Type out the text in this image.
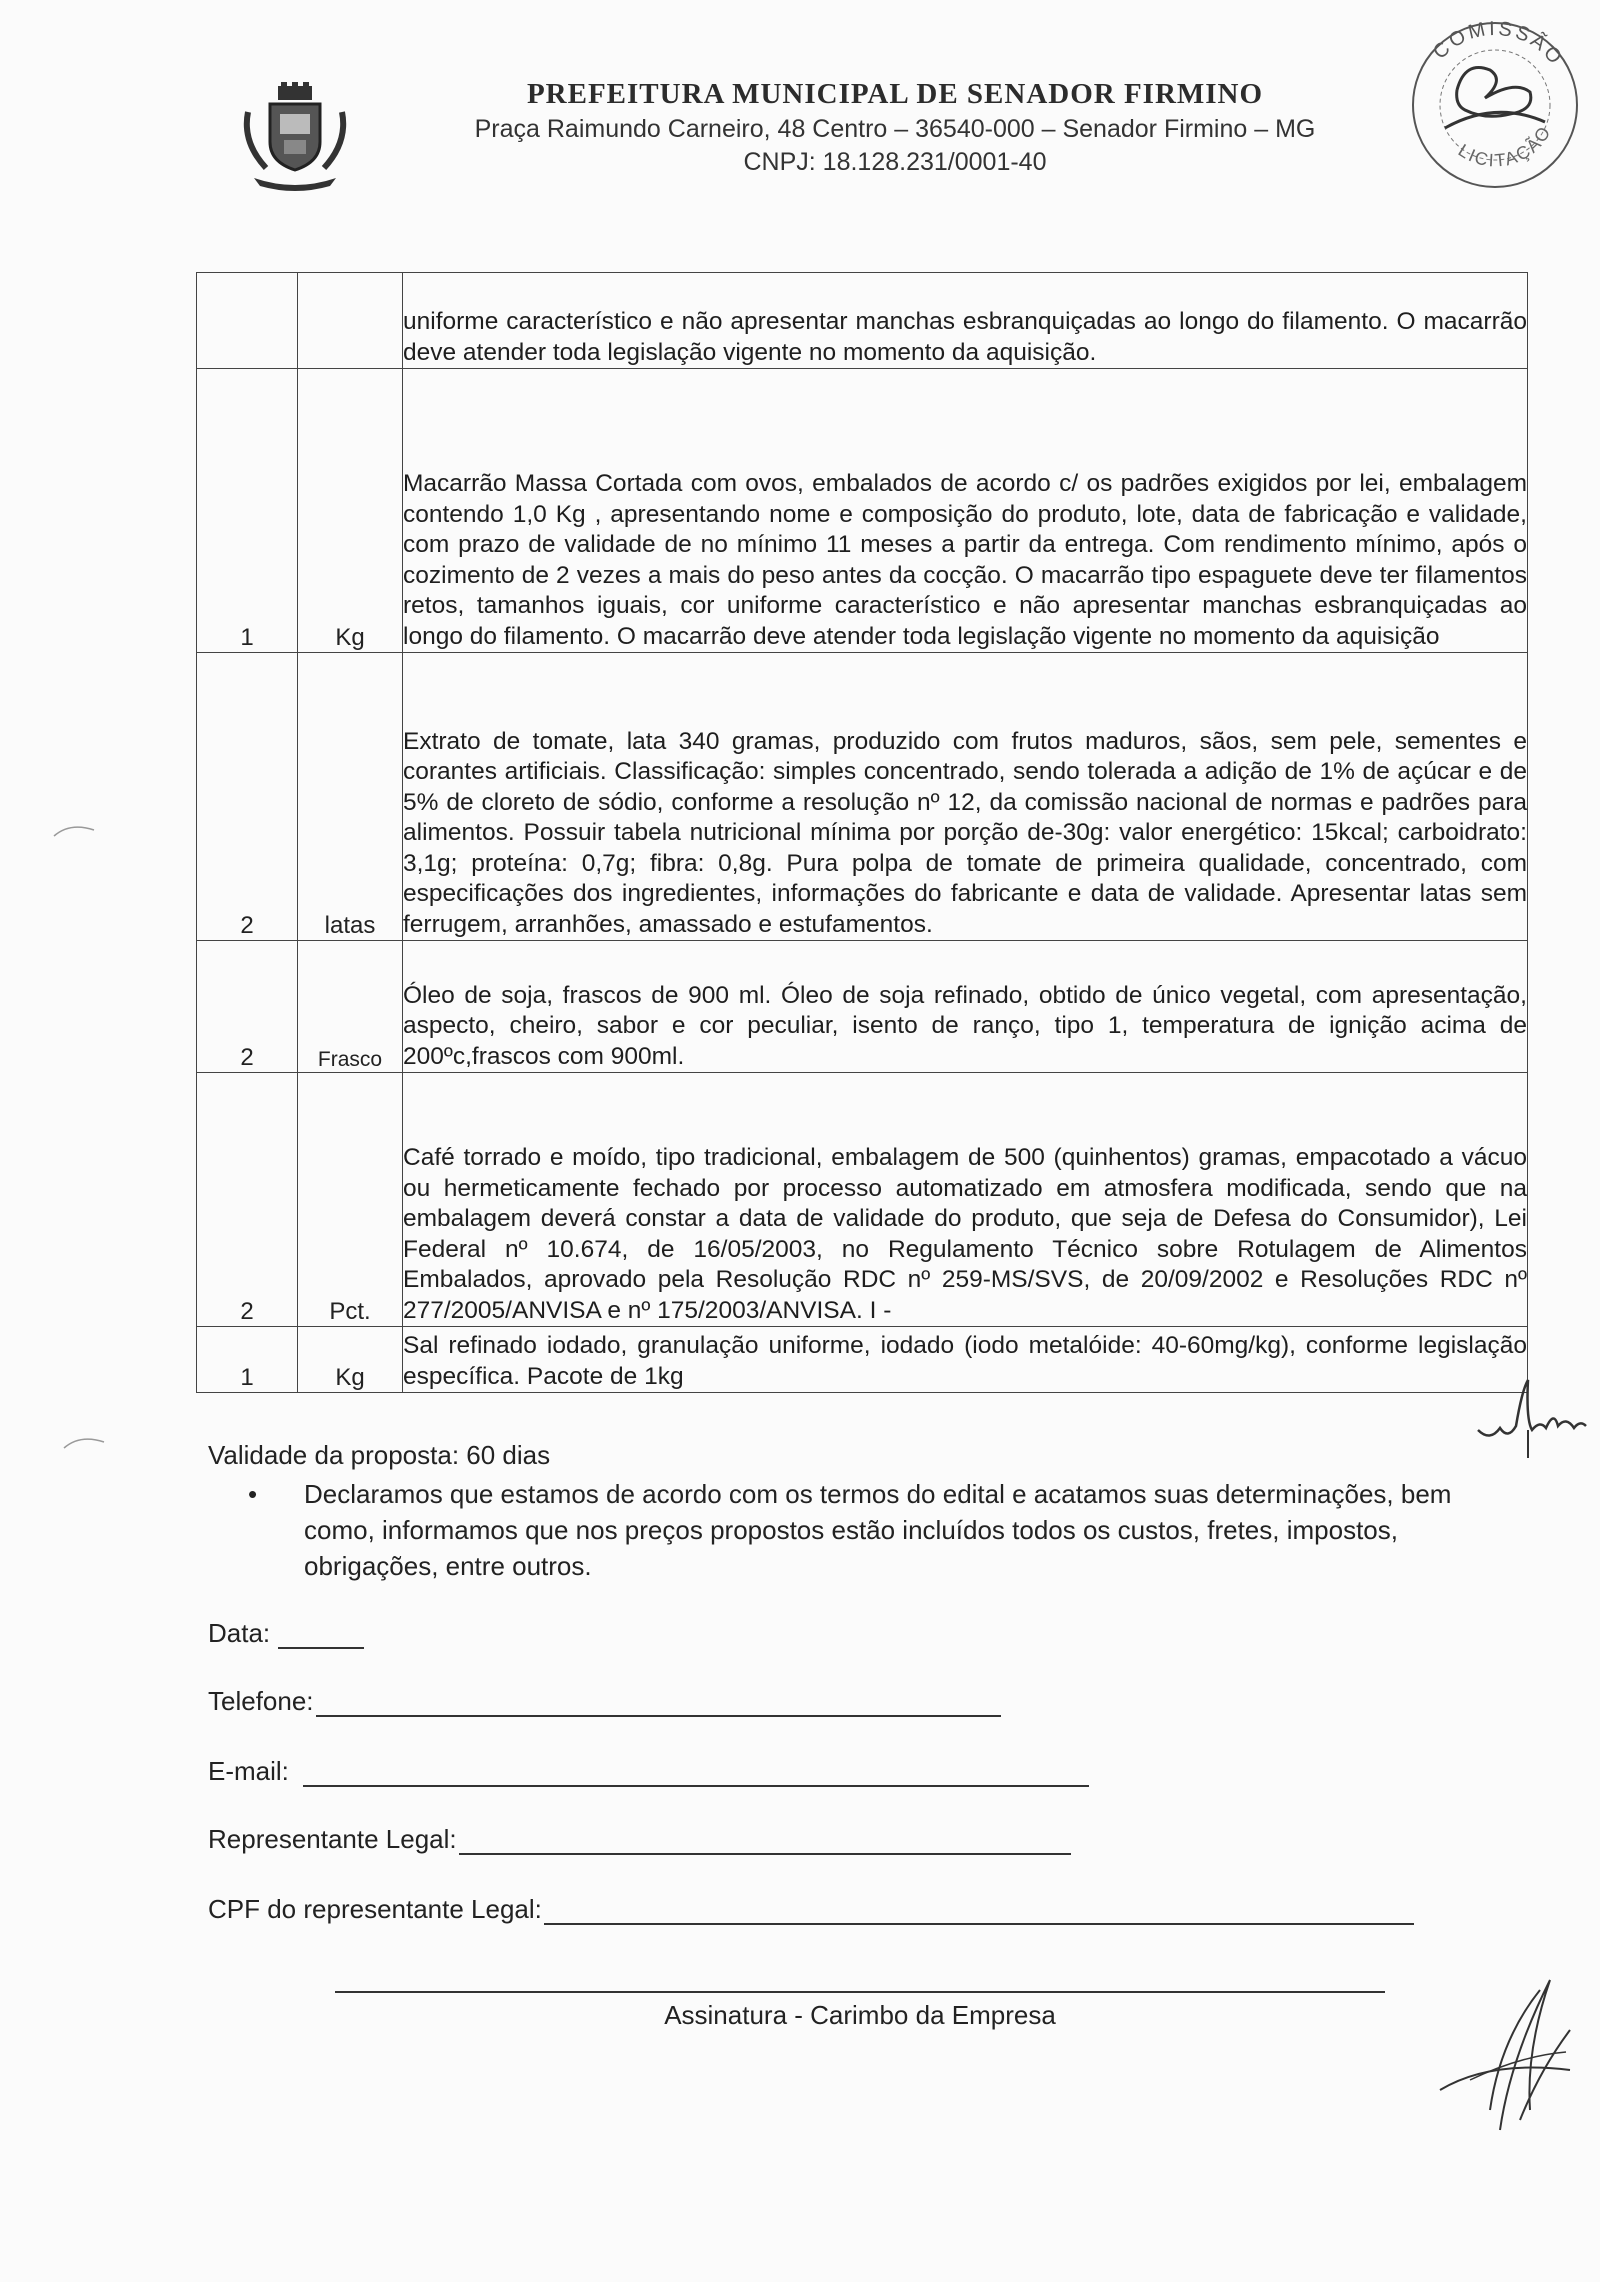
PREFEITURA MUNICIPAL DE SENADOR FIRMINO
Praça Raimundo Carneiro, 48 Centro – 36540-000 – Senador Firmino – MG
CNPJ: 18.128.231/0001-40
COMISSÃO
LICITAÇÃO
		uniforme característico e não apresentar manchas esbranquiçadas ao longo do filamento. O macarrão deve atender toda legislação vigente no momento da aquisição.
1	Kg	Macarrão Massa Cortada com ovos, embalados de acordo c/ os padrões exigidos por lei, embalagem contendo 1,0 Kg , apresentando nome e composição do produto, lote, data de fabricação e validade, com prazo de validade de no mínimo 11 meses a partir da entrega. Com rendimento mínimo, após o cozimento de 2 vezes a mais do peso antes da cocção. O macarrão tipo espaguete deve ter filamentos retos, tamanhos iguais, cor uniforme característico e não apresentar manchas esbranquiçadas ao longo do filamento. O macarrão deve atender toda legislação vigente no momento da aquisição
2	latas	Extrato de tomate, lata 340 gramas, produzido com frutos maduros, sãos, sem pele, sementes e corantes artificiais. Classificação: simples concentrado, sendo tolerada a adição de 1% de açúcar e de 5% de cloreto de sódio, conforme a resolução nº 12, da comissão nacional de normas e padrões para alimentos. Possuir tabela nutricional mínima por porção de-30g: valor energético: 15kcal; carboidrato: 3,1g; proteína: 0,7g; fibra: 0,8g. Pura polpa de tomate de primeira qualidade, concentrado, com especificações dos ingredientes, informações do fabricante e data de validade. Apresentar latas sem ferrugem, arranhões, amassado e estufamentos.
2	Frasco	Óleo de soja, frascos de 900 ml. Óleo de soja refinado, obtido de único vegetal, com apresentação, aspecto, cheiro, sabor e cor peculiar, isento de ranço, tipo 1, temperatura de ignição acima de 200ºc,frascos com 900ml.
2	Pct.	Café torrado e moído, tipo tradicional, embalagem de 500 (quinhentos) gramas, empacotado a vácuo ou hermeticamente fechado por processo automatizado em atmosfera modificada, sendo que na embalagem deverá constar a data de validade do produto, que seja de Defesa do Consumidor), Lei Federal nº 10.674, de 16/05/2003, no Regulamento Técnico sobre Rotulagem de Alimentos Embalados, aprovado pela Resolução RDC nº 259-MS/SVS, de 20/09/2002 e Resoluções RDC nº 277/2005/ANVISA e nº 175/2003/ANVISA. I -
1	Kg	Sal refinado iodado, granulação uniforme, iodado (iodo metalóide: 40-60mg/kg), conforme legislação específica. Pacote de 1kg
Validade da proposta: 60 dias
• Declaramos que estamos de acordo com os termos do edital e acatamos suas determinações, bem como, informamos que nos preços propostos estão incluídos todos os custos, fretes, impostos, obrigações, entre outros.
Data:
Telefone:
E-mail:
Representante Legal:
CPF do representante Legal:
Assinatura - Carimbo da Empresa
